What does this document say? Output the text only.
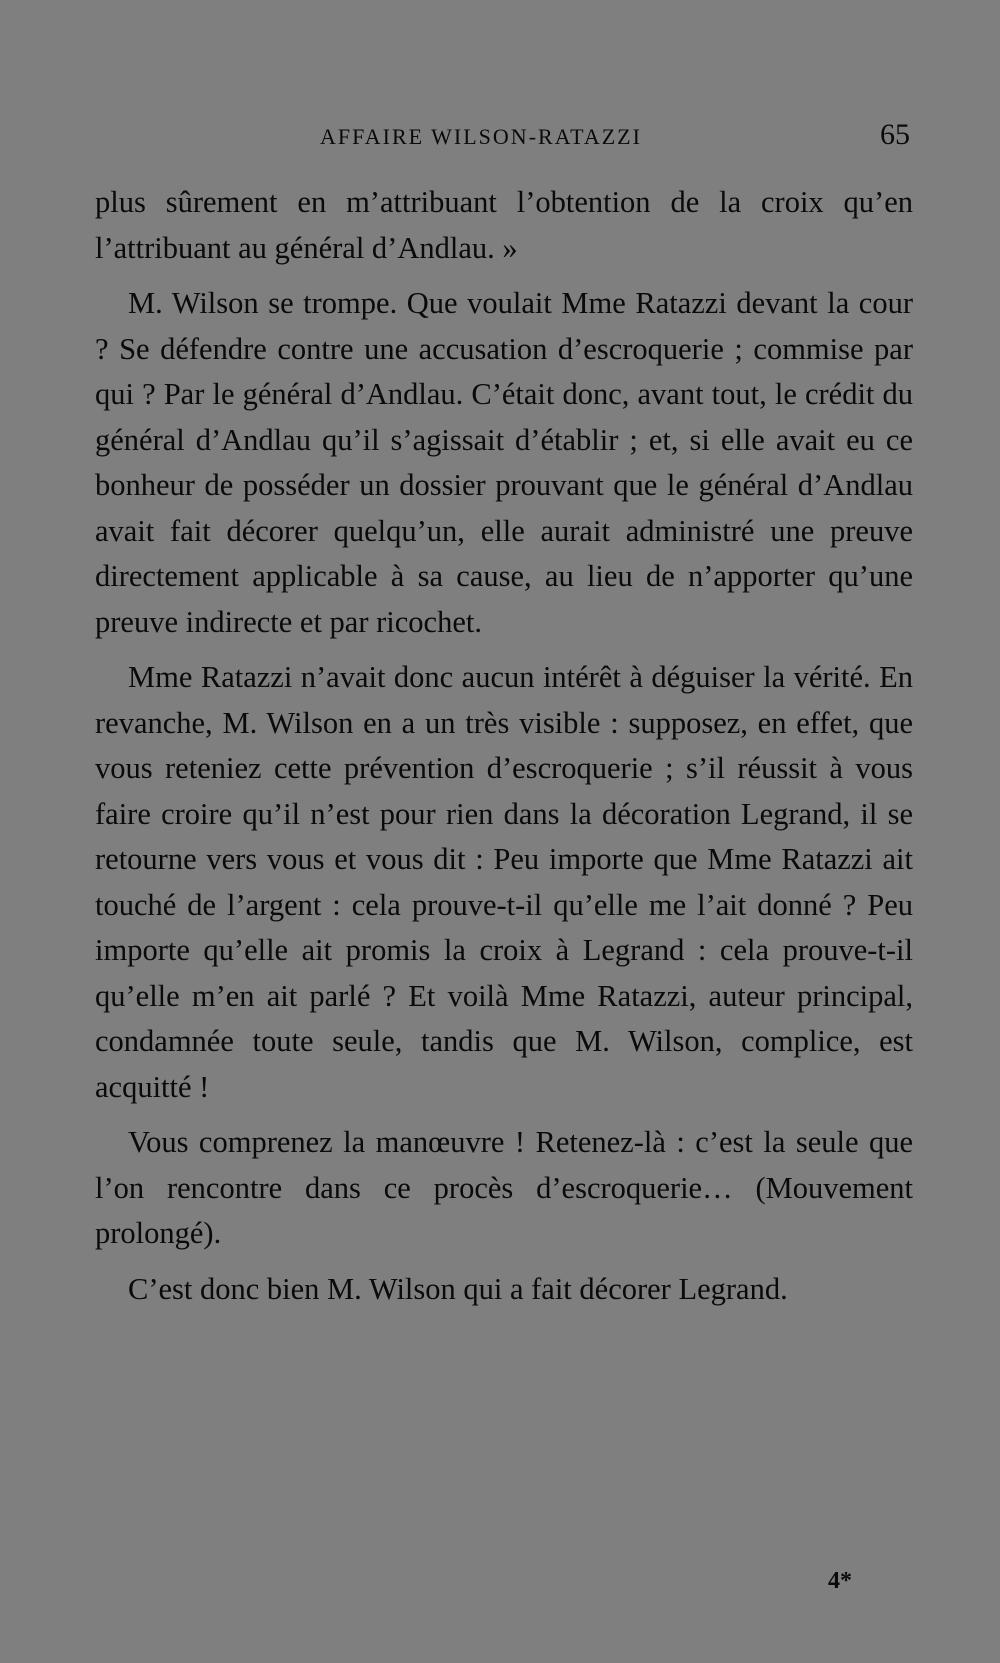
AFFAIRE WILSON-RATAZZI	65

plus sûrement en m’attribuant l’obtention de la croix qu’en l’attribuant au général d’Andlau. »

M. Wilson se trompe. Que voulait Mme Ratazzi devant la cour ? Se défendre contre une accusation d’escroquerie ; commise par qui ? Par le général d’Andlau. C’était donc, avant tout, le crédit du général d’Andlau qu’il s’agissait d’établir ; et, si elle avait eu ce bonheur de posséder un dossier prouvant que le général d’Andlau avait fait décorer quelqu’un, elle aurait administré une preuve directement applicable à sa cause, au lieu de n’apporter qu’une preuve indirecte et par ricochet.

Mme Ratazzi n’avait donc aucun intérêt à déguiser la vérité. En revanche, M. Wilson en a un très visible : supposez, en effet, que vous reteniez cette prévention d’escroquerie ; s’il réussit à vous faire croire qu’il n’est pour rien dans la décoration Legrand, il se retourne vers vous et vous dit : Peu importe que Mme Ratazzi ait touché de l’argent : cela prouve-t-il qu’elle me l’ait donné ? Peu importe qu’elle ait promis la croix à Legrand : cela prouve-t-il qu’elle m’en ait parlé ? Et voilà Mme Ratazzi, auteur principal, condamnée toute seule, tandis que M. Wilson, complice, est acquitté !

Vous comprenez la manœuvre ! Retenez-là : c’est la seule que l’on rencontre dans ce procès d’escroquerie… (Mouvement prolongé).

C’est donc bien M. Wilson qui a fait décorer Legrand.

4*
